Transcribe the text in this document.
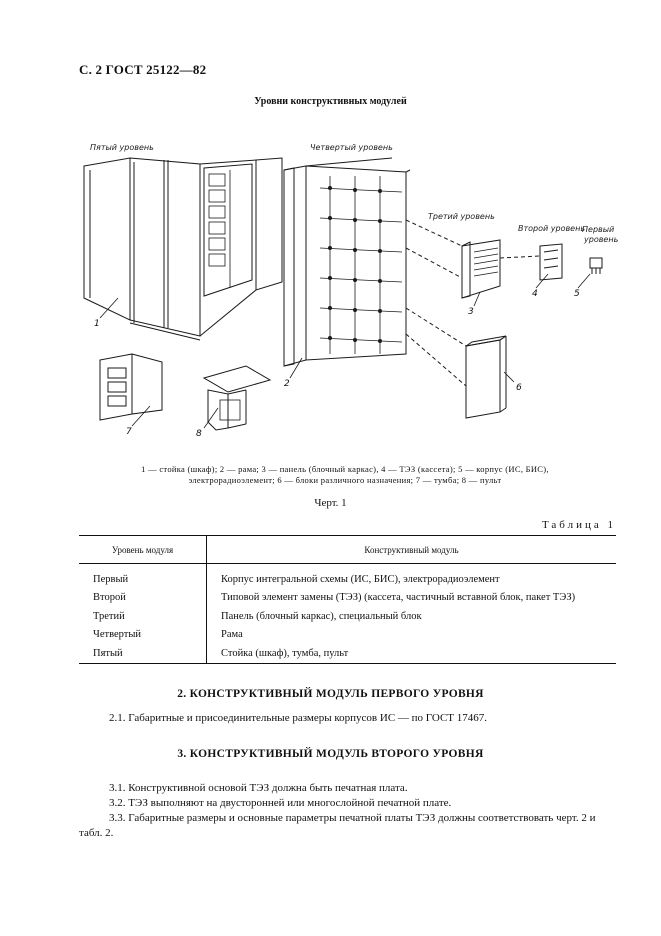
С. 2 ГОСТ 25122—82
Уровни конструктивных модулей
Пятый уровень	Четвертый уровень
Третий уровень
Второй уровень
Первый
уровень
1
2
3
4	5
6
7	8
1 — стойка (шкаф); 2 — рама; 3 — панель (блочный каркас), 4 — ТЭЗ (кассета); 5 — корпус (ИС, БИС),
электрорадиоэлемент; 6 — блоки различного назначения; 7 — тумба; 8 — пульт
Черт. 1
Таблица 1
Уровень модуля	Конструктивный модуль
Первый	Корпус интегральной схемы (ИС, БИС), электрорадиоэлемент
Второй	Типовой элемент замены (ТЭЗ) (кассета, частичный вставной блок, пакет ТЭЗ)
Третий	Панель (блочный каркас), специальный блок
Четвертый	Рама
Пятый	Стойка (шкаф), тумба, пульт
2. КОНСТРУКТИВНЫЙ МОДУЛЬ ПЕРВОГО УРОВНЯ
2.1. Габаритные и присоединительные размеры корпусов ИС — по ГОСТ 17467.
3. КОНСТРУКТИВНЫЙ МОДУЛЬ ВТОРОГО УРОВНЯ
3.1. Конструктивной основой ТЭЗ должна быть печатная плата.
3.2. ТЭЗ выполняют на двусторонней или многослойной печатной плате.
3.3. Габаритные размеры и основные параметры печатной платы ТЭЗ должны соответствовать черт. 2 и табл. 2.
